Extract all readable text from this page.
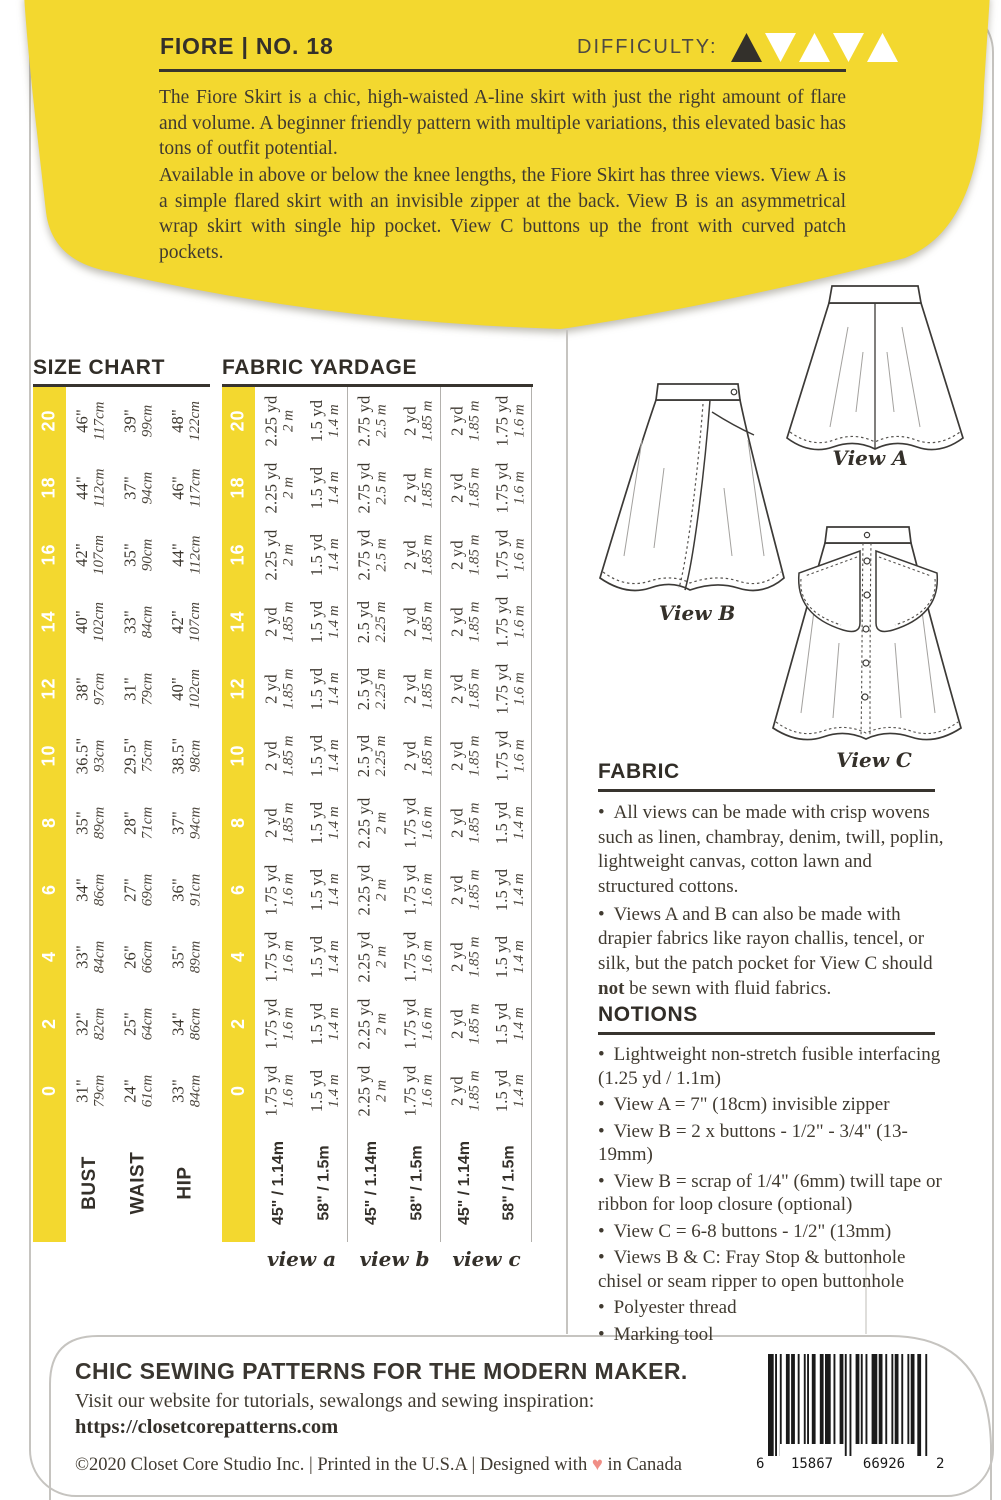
FIORE | NO. 18	DIFFICULTY:
The Fiore Skirt is a chic, high-waisted A-line skirt with just the right amount of flare and volume. A beginner friendly pattern with multiple variations, this elevated basic has tons of outfit potential.
Available in above or below the knee lengths, the Fiore Skirt has three views. View A is a simple flared skirt with an invisible zipper at the back. View B is an asymmetrical wrap skirt with single hip pocket. View C buttons up the front with curved patch pockets.
SIZE CHART	FABRIC YARDAGE
20 46" 117cm 39" 99cm 48" 122cm
18 44" 112cm 37" 94cm 46" 117cm
16 42" 107cm 35" 90cm 44" 112cm
14 40" 102cm 33" 84cm 42" 107cm
12 38" 97cm 31" 79cm 40" 102cm
10 36.5" 93cm 29.5" 75cm 38.5" 98cm
8 35" 89cm 28" 71cm 37" 94cm
6 34" 86cm 27" 69cm 36" 91cm
4 33" 84cm 26" 66cm 35" 89cm
2 32" 82cm 25" 64cm 34" 86cm
0 31" 79cm 24" 61cm 33" 84cm
BUST WAIST HIP
20 2.25 yd 2 m 1.5 yd 1.4 m 2.75 yd 2.5 m 2 yd 1.85 m 2 yd 1.85 m 1.75 yd 1.6 m
18 2.25 yd 2 m 1.5 yd 1.4 m 2.75 yd 2.5 m 2 yd 1.85 m 2 yd 1.85 m 1.75 yd 1.6 m
16 2.25 yd 2 m 1.5 yd 1.4 m 2.75 yd 2.5 m 2 yd 1.85 m 2 yd 1.85 m 1.75 yd 1.6 m
14 2 yd 1.85 m 1.5 yd 1.4 m 2.5 yd 2.25 m 2 yd 1.85 m 2 yd 1.85 m 1.75 yd 1.6 m
12 2 yd 1.85 m 1.5 yd 1.4 m 2.5 yd 2.25 m 2 yd 1.85 m 2 yd 1.85 m 1.75 yd 1.6 m
10 2 yd 1.85 m 1.5 yd 1.4 m 2.5 yd 2.25 m 2 yd 1.85 m 2 yd 1.85 m 1.75 yd 1.6 m
8 2 yd 1.85 m 1.5 yd 1.4 m 2.25 yd 2 m 1.75 yd 1.6 m 2 yd 1.85 m 1.5 yd 1.4 m
6 1.75 yd 1.6 m 1.5 yd 1.4 m 2.25 yd 2 m 1.75 yd 1.6 m 2 yd 1.85 m 1.5 yd 1.4 m
4 1.75 yd 1.6 m 1.5 yd 1.4 m 2.25 yd 2 m 1.75 yd 1.6 m 2 yd 1.85 m 1.5 yd 1.4 m
2 1.75 yd 1.6 m 1.5 yd 1.4 m 2.25 yd 2 m 1.75 yd 1.6 m 2 yd 1.85 m 1.5 yd 1.4 m
0 1.75 yd 1.6 m 1.5 yd 1.4 m 2.25 yd 2 m 1.75 yd 1.6 m 2 yd 1.85 m 1.5 yd 1.4 m
45" / 1.14m 58" / 1.5m 45" / 1.14m 58" / 1.5m 45" / 1.14m 58" / 1.5m
view a	view b	view c
View A
View B
View C
FABRIC
• All views can be made with crisp wovens such as linen, chambray, denim, twill, poplin, lightweight canvas, cotton lawn and structured cottons.
• Views A and B can also be made with drapier fabrics like rayon challis, tencel, or silk, but the patch pocket for View C should not be sewn with fluid fabrics.
NOTIONS
• Lightweight non-stretch fusible interfacing (1.25 yd / 1.1m)
• View A = 7" (18cm) invisible zipper
• View B = 2 x buttons - 1/2" - 3/4" (13-19mm)
• View B = scrap of 1/4" (6mm) twill tape or ribbon for loop closure (optional)
• View C = 6-8 buttons - 1/2" (13mm)
• Views B & C: Fray Stop & buttonhole chisel or seam ripper to open buttonhole
• Polyester thread
• Marking tool
CHIC SEWING PATTERNS FOR THE MODERN MAKER.
Visit our website for tutorials, sewalongs and sewing inspiration:
https://closetcorepatterns.com
©2020 Closet Core Studio Inc. | Printed in the U.S.A | Designed with ♥ in Canada	6 15867 66926 2
